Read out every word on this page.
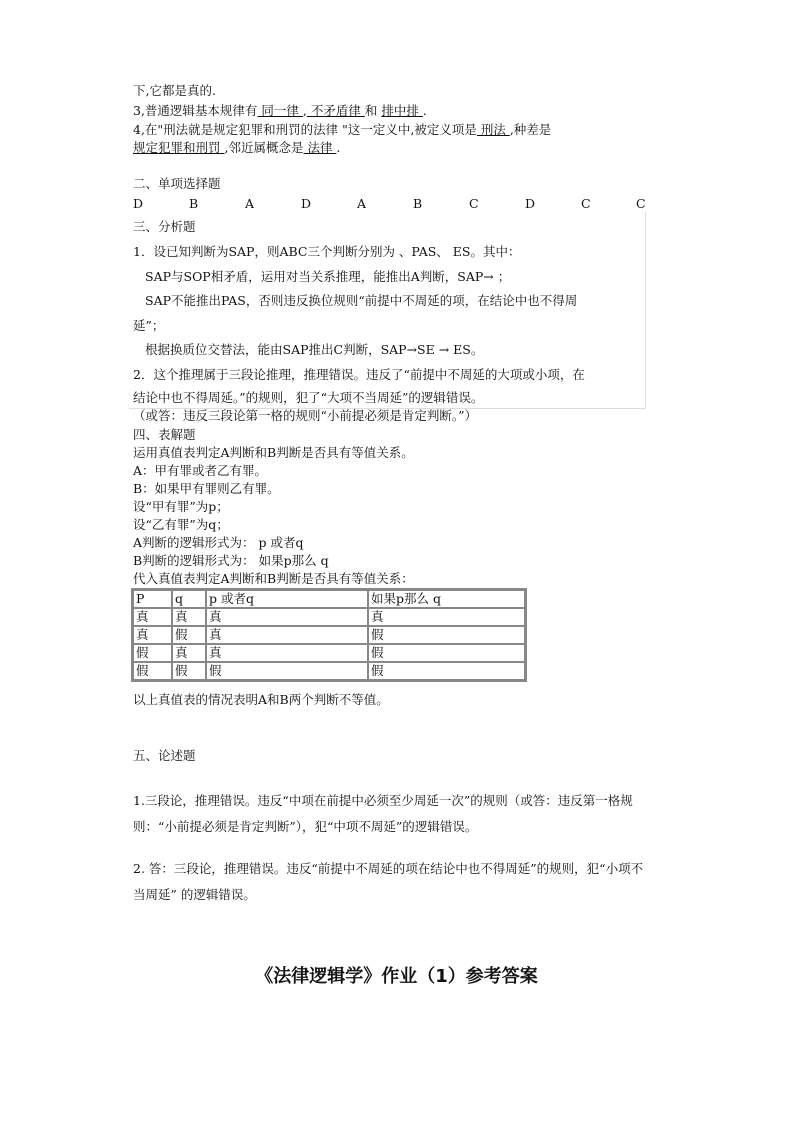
下,它都是真的.
3,普通逻辑基本规律有 同一律 , 不矛盾律 和 排中排 .
4,在"刑法就是规定犯罪和刑罚的法律 "这一定义中,被定义项是 刑法 ,种差是
规定犯罪和刑罚 ,邻近属概念是 法律 .
二、单项选择题
D	B	A	D	A	B	C	D	C	C
三、分析题
1．设已知判断为SAP，则ABC三个判断分别为 、PAS、 ES。其中：
SAP与SOP相矛盾，运用对当关系推理，能推出A判断，SAP→ ；
SAP不能推出PAS，否则违反换位规则“前提中不周延的项，在结论中也不得周
延”；
根据换质位交替法，能由SAP推出C判断，SAP→SE → ES。
2．这个推理属于三段论推理，推理错误。违反了“前提中不周延的大项或小项，在
结论中也不得周延。”的规则，犯了“大项不当周延”的逻辑错误。
（或答：违反三段论第一格的规则“小前提必须是肯定判断。”）
四、表解题
运用真值表判定A判断和B判断是否具有等值关系。
A：甲有罪或者乙有罪。
B：如果甲有罪则乙有罪。
设“甲有罪”为p；
设“乙有罪”为q；
A判断的逻辑形式为： p 或者q
B判断的逻辑形式为： 如果p那么 q
代入真值表判定A判断和B判断是否具有等值关系：
P	q	p 或者q	如果p那么 q
真	真	真	真
真	假	真	假
假	真	真	假
假	假	假	假
以上真值表的情况表明A和B两个判断不等值。
五、论述题
1.三段论，推理错误。违反“中项在前提中必须至少周延一次”的规则（或答：违反第一格规则：“小前提必须是肯定判断”），犯“中项不周延”的逻辑错误。
2. 答：三段论，推理错误。违反“前提中不周延的项在结论中也不得周延”的规则，犯“小项不当周延” 的逻辑错误。
《法律逻辑学》作业（1）参考答案
